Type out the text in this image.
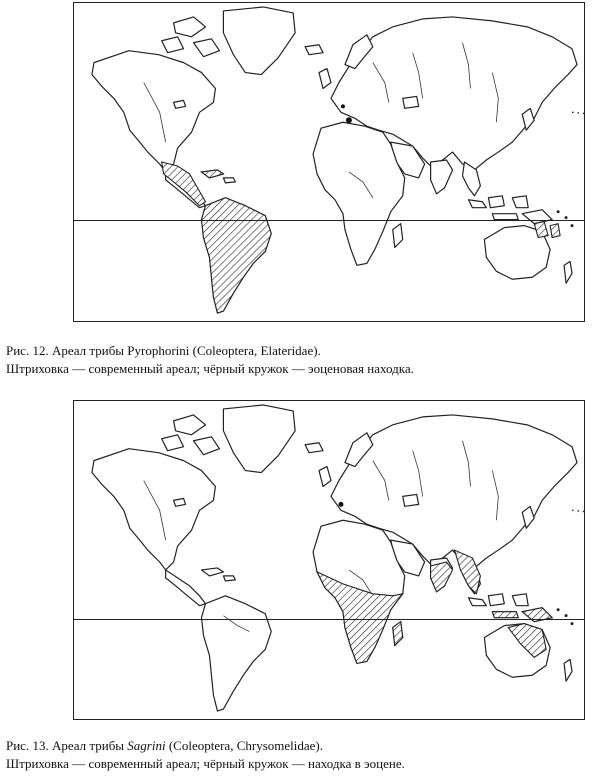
Рис. 12. Ареал трибы Pyrophorini (Coleoptera, Elateridae).
Штриховка — современный ареал; чёрный кружок — эоценовая находка.
Рис. 13. Ареал трибы Sagrini (Coleoptera, Chrysomelidae).
Штриховка — современный ареал; чёрный кружок — находка в эоцене.
